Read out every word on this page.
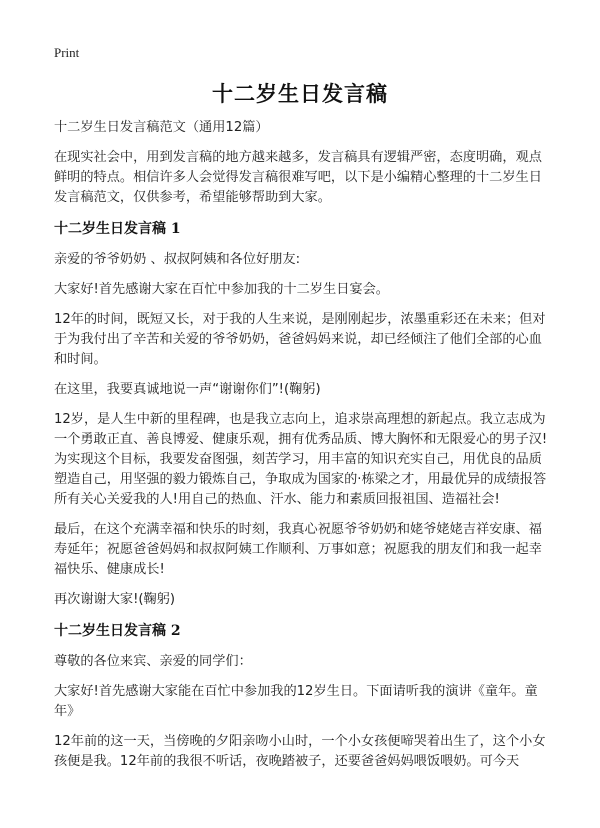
Print
十二岁生日发言稿

十二岁生日发言稿范文（通用12篇）

在现实社会中，用到发言稿的地方越来越多，发言稿具有逻辑严密，态度明确，观点鲜明的特点。相信许多人会觉得发言稿很难写吧，以下是小编精心整理的十二岁生日发言稿范文，仅供参考，希望能够帮助到大家。

十二岁生日发言稿 1

亲爱的爷爷奶奶 、叔叔阿姨和各位好朋友:

大家好!首先感谢大家在百忙中参加我的十二岁生日宴会。

12年的时间，既短又长，对于我的人生来说，是刚刚起步，浓墨重彩还在未来；但对于为我付出了辛苦和关爱的爷爷奶奶，爸爸妈妈来说，却已经倾注了他们全部的心血和时间。

在这里，我要真诚地说一声“谢谢你们”!(鞠躬)

12岁，是人生中新的里程碑，也是我立志向上，追求崇高理想的新起点。我立志成为一个勇敢正直、善良博爱、健康乐观，拥有优秀品质、博大胸怀和无限爱心的男子汉!为实现这个目标，我要发奋图强，刻苦学习，用丰富的知识充实自己，用优良的品质塑造自己，用坚强的毅力锻炼自己，争取成为国家的·栋梁之才，用最优异的成绩报答所有关心关爱我的人!用自己的热血、汗水、能力和素质回报祖国、造福社会!

最后，在这个充满幸福和快乐的时刻，我真心祝愿爷爷奶奶和姥爷姥姥吉祥安康、福寿延年；祝愿爸爸妈妈和叔叔阿姨工作顺利、万事如意；祝愿我的朋友们和我一起幸福快乐、健康成长!

再次谢谢大家!(鞠躬)

十二岁生日发言稿 2

尊敬的各位来宾、亲爱的同学们：

大家好!首先感谢大家能在百忙中参加我的12岁生日。下面请听我的演讲《童年。童年》

12年前的这一天，当傍晚的夕阳亲吻小山时，一个小女孩便啼哭着出生了，这个小女孩便是我。12年前的我很不听话，夜晚踏被子，还要爸爸妈妈喂饭喂奶。可今天
